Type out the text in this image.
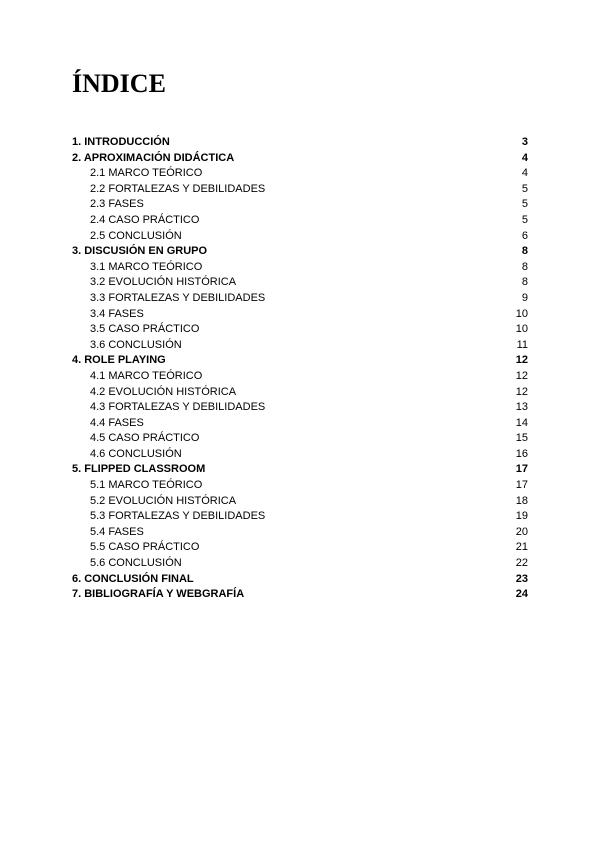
ÍNDICE
1. INTRODUCCIÓN	3
2. APROXIMACIÓN DIDÁCTICA	4
2.1 MARCO TEÓRICO	4
2.2 FORTALEZAS Y DEBILIDADES	5
2.3 FASES	5
2.4 CASO PRÁCTICO	5
2.5 CONCLUSIÓN	6
3. DISCUSIÓN EN GRUPO	8
3.1 MARCO TEÓRICO	8
3.2 EVOLUCIÓN HISTÓRICA	8
3.3 FORTALEZAS Y DEBILIDADES	9
3.4 FASES	10
3.5 CASO PRÁCTICO	10
3.6 CONCLUSIÓN	11
4. ROLE PLAYING	12
4.1 MARCO TEÓRICO	12
4.2 EVOLUCIÓN HISTÓRICA	12
4.3 FORTALEZAS Y DEBILIDADES	13
4.4 FASES	14
4.5 CASO PRÁCTICO	15
4.6 CONCLUSIÓN	16
5. FLIPPED CLASSROOM	17
5.1 MARCO TEÓRICO	17
5.2 EVOLUCIÓN HISTÓRICA	18
5.3 FORTALEZAS Y DEBILIDADES	19
5.4 FASES	20
5.5 CASO PRÁCTICO	21
5.6 CONCLUSIÓN	22
6. CONCLUSIÓN FINAL	23
7. BIBLIOGRAFÍA Y WEBGRAFÍA	24
